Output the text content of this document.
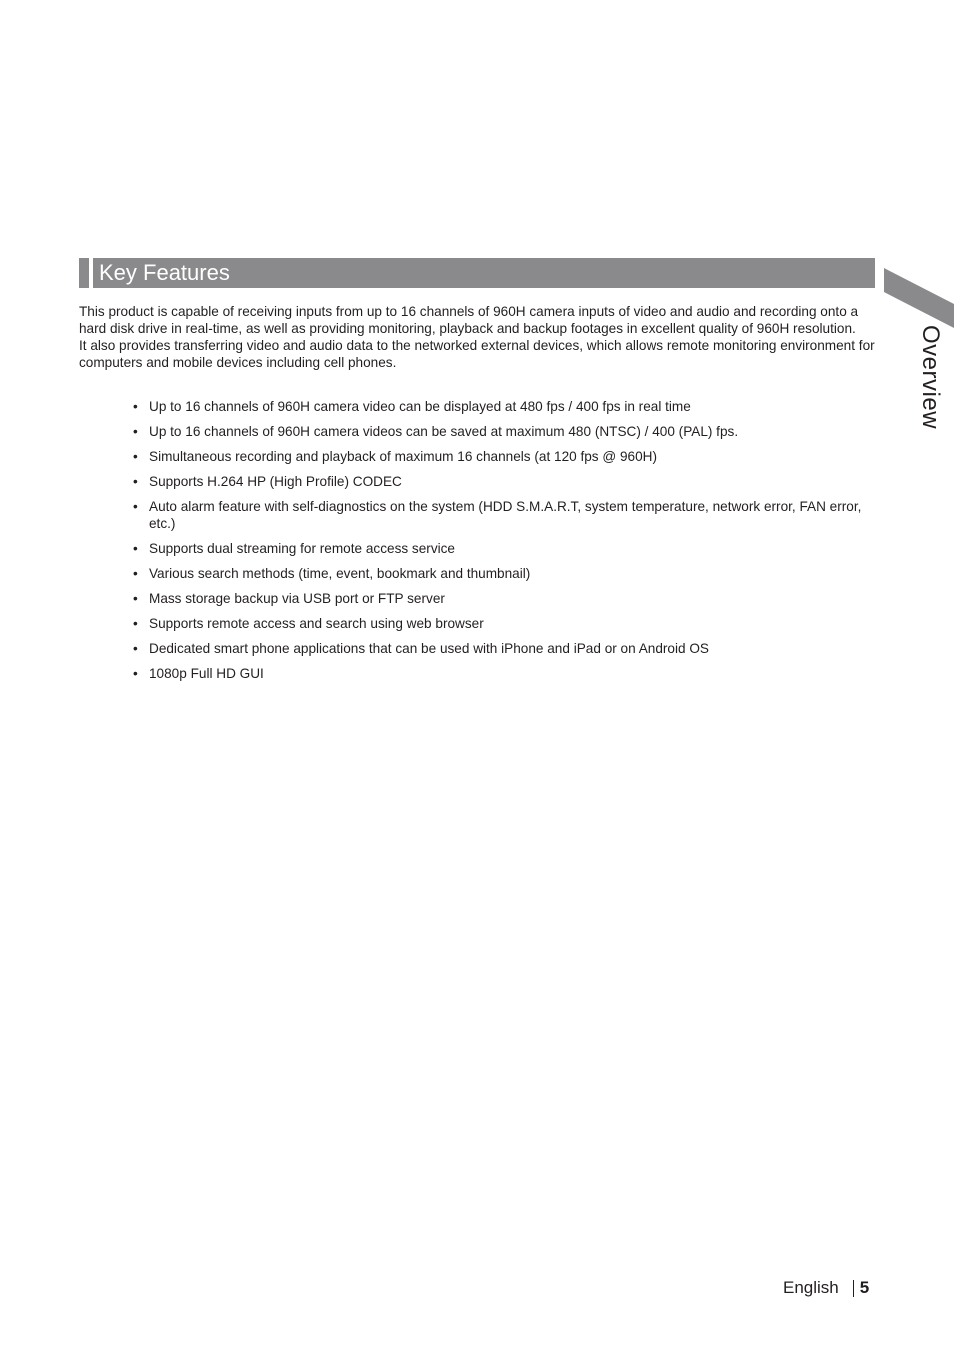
Key Features
Overview

This product is capable of receiving inputs from up to 16 channels of 960H camera inputs of video and audio and recording onto a hard disk drive in real-time, as well as providing monitoring, playback and backup footages in excellent quality of 960H resolution.

It also provides transferring video and audio data to the networked external devices, which allows remote monitoring environment for computers and mobile devices including cell phones.

• Up to 16 channels of 960H camera video can be displayed at 480 fps / 400 fps in real time
• Up to 16 channels of 960H camera videos can be saved at maximum 480 (NTSC) / 400 (PAL) fps.
• Simultaneous recording and playback of maximum 16 channels (at 120 fps @ 960H)
• Supports H.264 HP (High Profile) CODEC
• Auto alarm feature with self-diagnostics on the system (HDD S.M.A.R.T, system temperature, network error, FAN error, etc.)
• Supports dual streaming for remote access service
• Various search methods (time, event, bookmark and thumbnail)
• Mass storage backup via USB port or FTP server
• Supports remote access and search using web browser
• Dedicated smart phone applications that can be used with iPhone and iPad or on Android OS
• 1080p Full HD GUI
English 5
